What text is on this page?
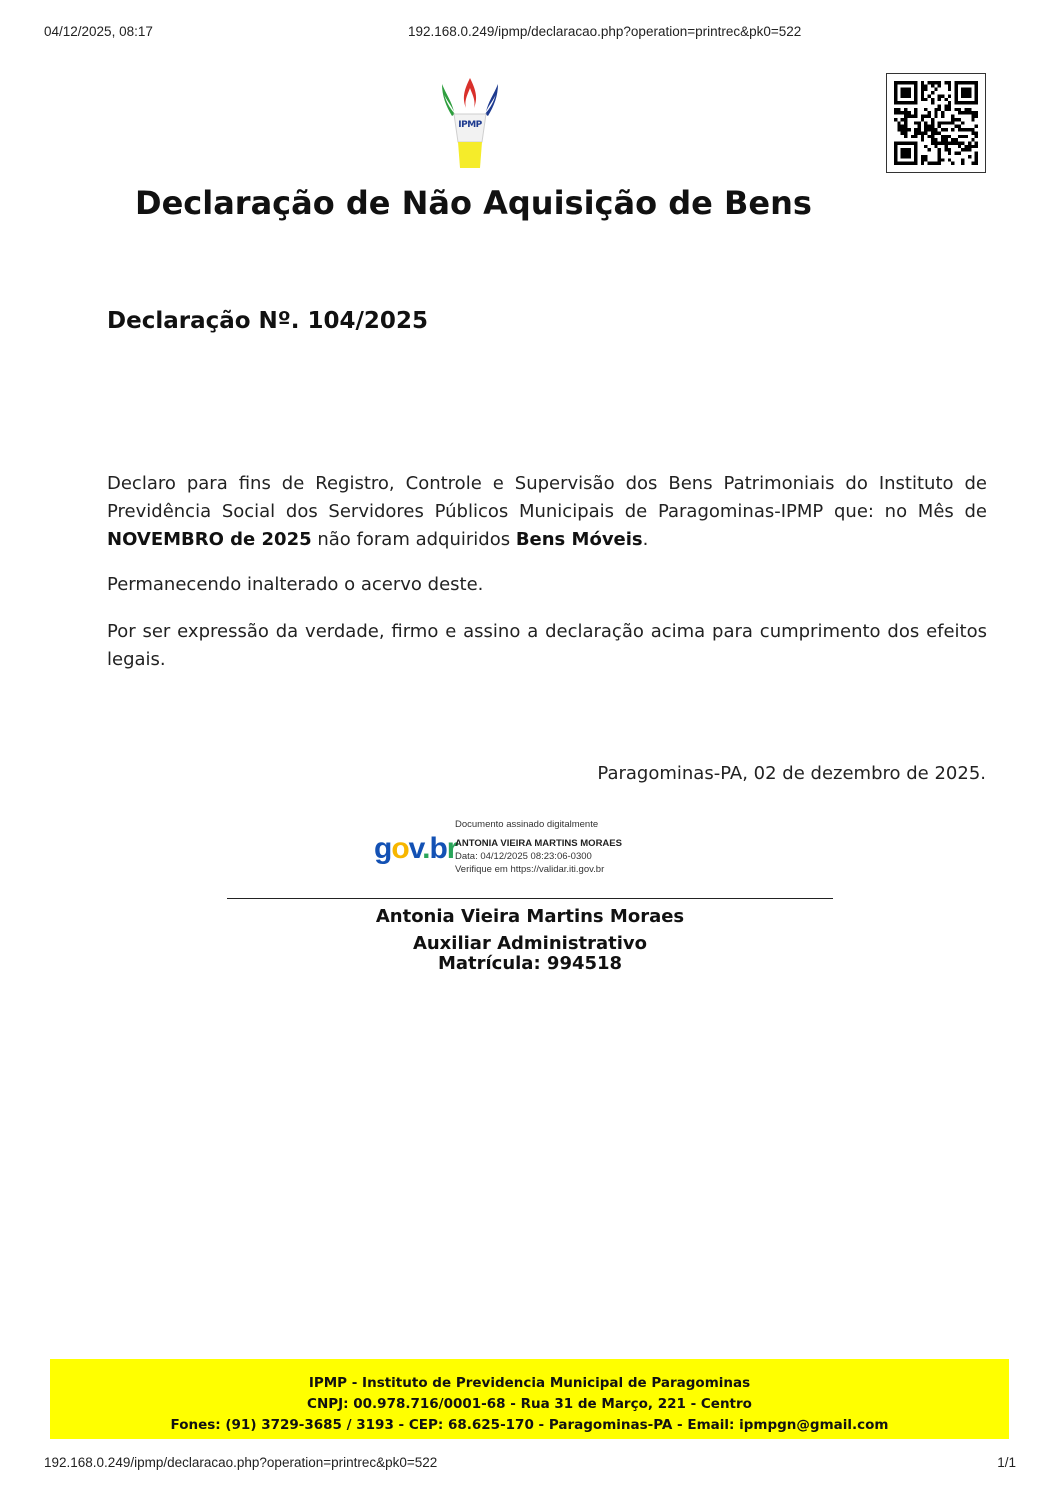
04/12/2025, 08:17	192.168.0.249/ipmp/declaracao.php?operation=printrec&pk0=522
IPMP
Declaração de Não Aquisição de Bens
Declaração Nº. 104/2025

Declaro para fins de Registro, Controle e Supervisão dos Bens Patrimoniais do Instituto de Previdência Social dos Servidores Públicos Municipais de Paragominas-IPMP que: no Mês de NOVEMBRO de 2025 não foram adquiridos Bens Móveis.

Permanecendo inalterado o acervo deste.

Por ser expressão da verdade, firmo e assino a declaração acima para cumprimento dos efeitos legais.

Paragominas-PA, 02 de dezembro de 2025.
gov.br
Documento assinado digitalmente
ANTONIA VIEIRA MARTINS MORAES
Data: 04/12/2025 08:23:06-0300
Verifique em https://validar.iti.gov.br
Antonia Vieira Martins Moraes
Auxiliar Administrativo
Matrícula: 994518
IPMP - Instituto de Previdencia Municipal de Paragominas
CNPJ: 00.978.716/0001-68 - Rua 31 de Março, 221 - Centro
Fones: (91) 3729-3685 / 3193 - CEP: 68.625-170 - Paragominas-PA - Email: ipmpgn@gmail.com
192.168.0.249/ipmp/declaracao.php?operation=printrec&pk0=522	1/1
